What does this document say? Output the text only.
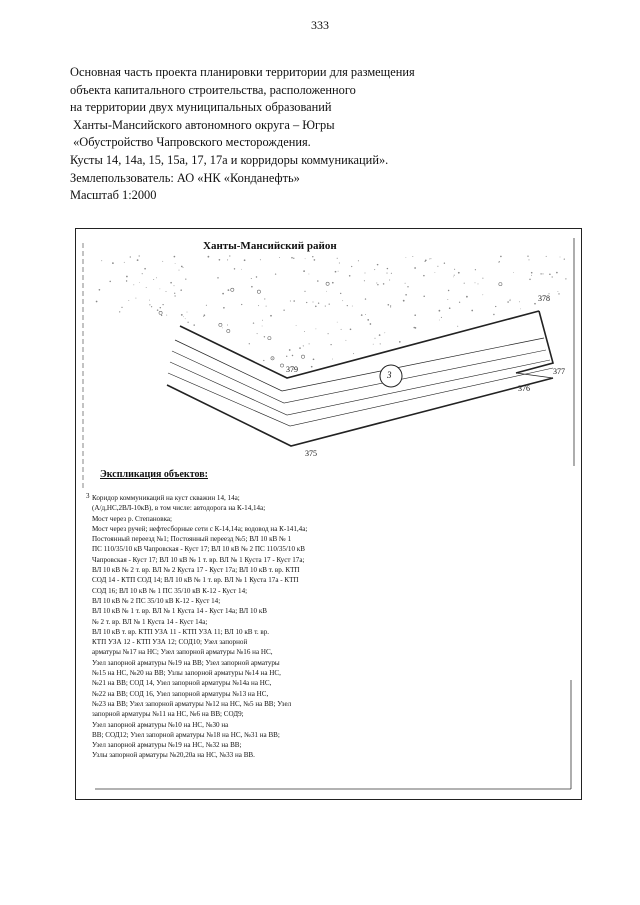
333
Основная часть проекта планировки территории для размещения
объекта капитального строительства, расположенного
на территории двух муниципальных образований
Ханты-Мансийского автономного округа – Югры
«Обустройство Чапровского месторождения.
Кусты 14, 14а, 15, 15а, 17, 17а и корридоры коммуникаций».
Землепользователь: АО «НК «Конданефть»
Масштаб 1:2000
Ханты-Мансийский район
378
379	377
376
375
3
Экспликация объектов:
3 Коридор коммуникаций на куст скважин 14, 14а;
(А/д,НС,2ВЛ-10кВ), в том числе: автодорога на К-14,14а;
Мост через р. Степановка;
Мост через ручей; нефтесборные сети с К-14,14а; водовод на К-141,4а;
Постоянный переезд №1; Постоянный переезд №5; ВЛ 10 кВ № 1
ПС 110/35/10 кВ Чапровская - Куст 17; ВЛ 10 кВ № 2 ПС 110/35/10 кВ
Чапровская - Куст 17; ВЛ 10 кВ № 1 т. вр. ВЛ № 1 Куста 17 - Куст 17а;
ВЛ 10 кВ № 2 т. вр. ВЛ № 2 Куста 17 - Куст 17а; ВЛ 10 кВ т. вр. КТП
СОД 14 - КТП СОД 14; ВЛ 10 кВ № 1 т. вр. ВЛ № 1 Куста 17а - КТП
СОД 16; ВЛ 10 кВ № 1 ПС 35/10 кВ К-12 - Куст 14;
ВЛ 10 кВ № 2 ПС 35/10 кВ К-12 - Куст 14;
ВЛ 10 кВ № 1 т. вр. ВЛ № 1 Куста 14 - Куст 14а; ВЛ 10 кВ
№ 2 т. вр. ВЛ № 1 Куста 14 - Куст 14а;
ВЛ 10 кВ т. вр. КТП УЗА 11 - КТП УЗА 11; ВЛ 10 кВ т. вр.
КТП УЗА 12 - КТП УЗА 12; СОД10; Узел запорной
арматуры №17 на НС; Узел запорной арматуры №16 на НС,
Узел запорной арматуры №19 на ВВ; Узел запорной арматуры
№15 на НС, №20 на ВВ; Узлы запорной арматуры №14 на НС,
№21 на ВВ; СОД 14, Узел запорной арматуры №14а на НС,
№22 на ВВ; СОД 16, Узел запорной арматуры №13 на НС,
№23 на ВВ; Узел запорной арматуры №12 на НС, №5 на ВВ; Узел
запорной арматуры №11 на НС, №6 на ВВ; СОД9;
Узел запорной арматуры №10 на НС, №30 на
ВВ; СОД12; Узел запорной арматуры №18 на НС, №31 на ВВ;
Узел запорной арматуры №19 на НС, №32 на ВВ;
Узлы запорной арматуры №20,20а на НС, №33 на ВВ.
